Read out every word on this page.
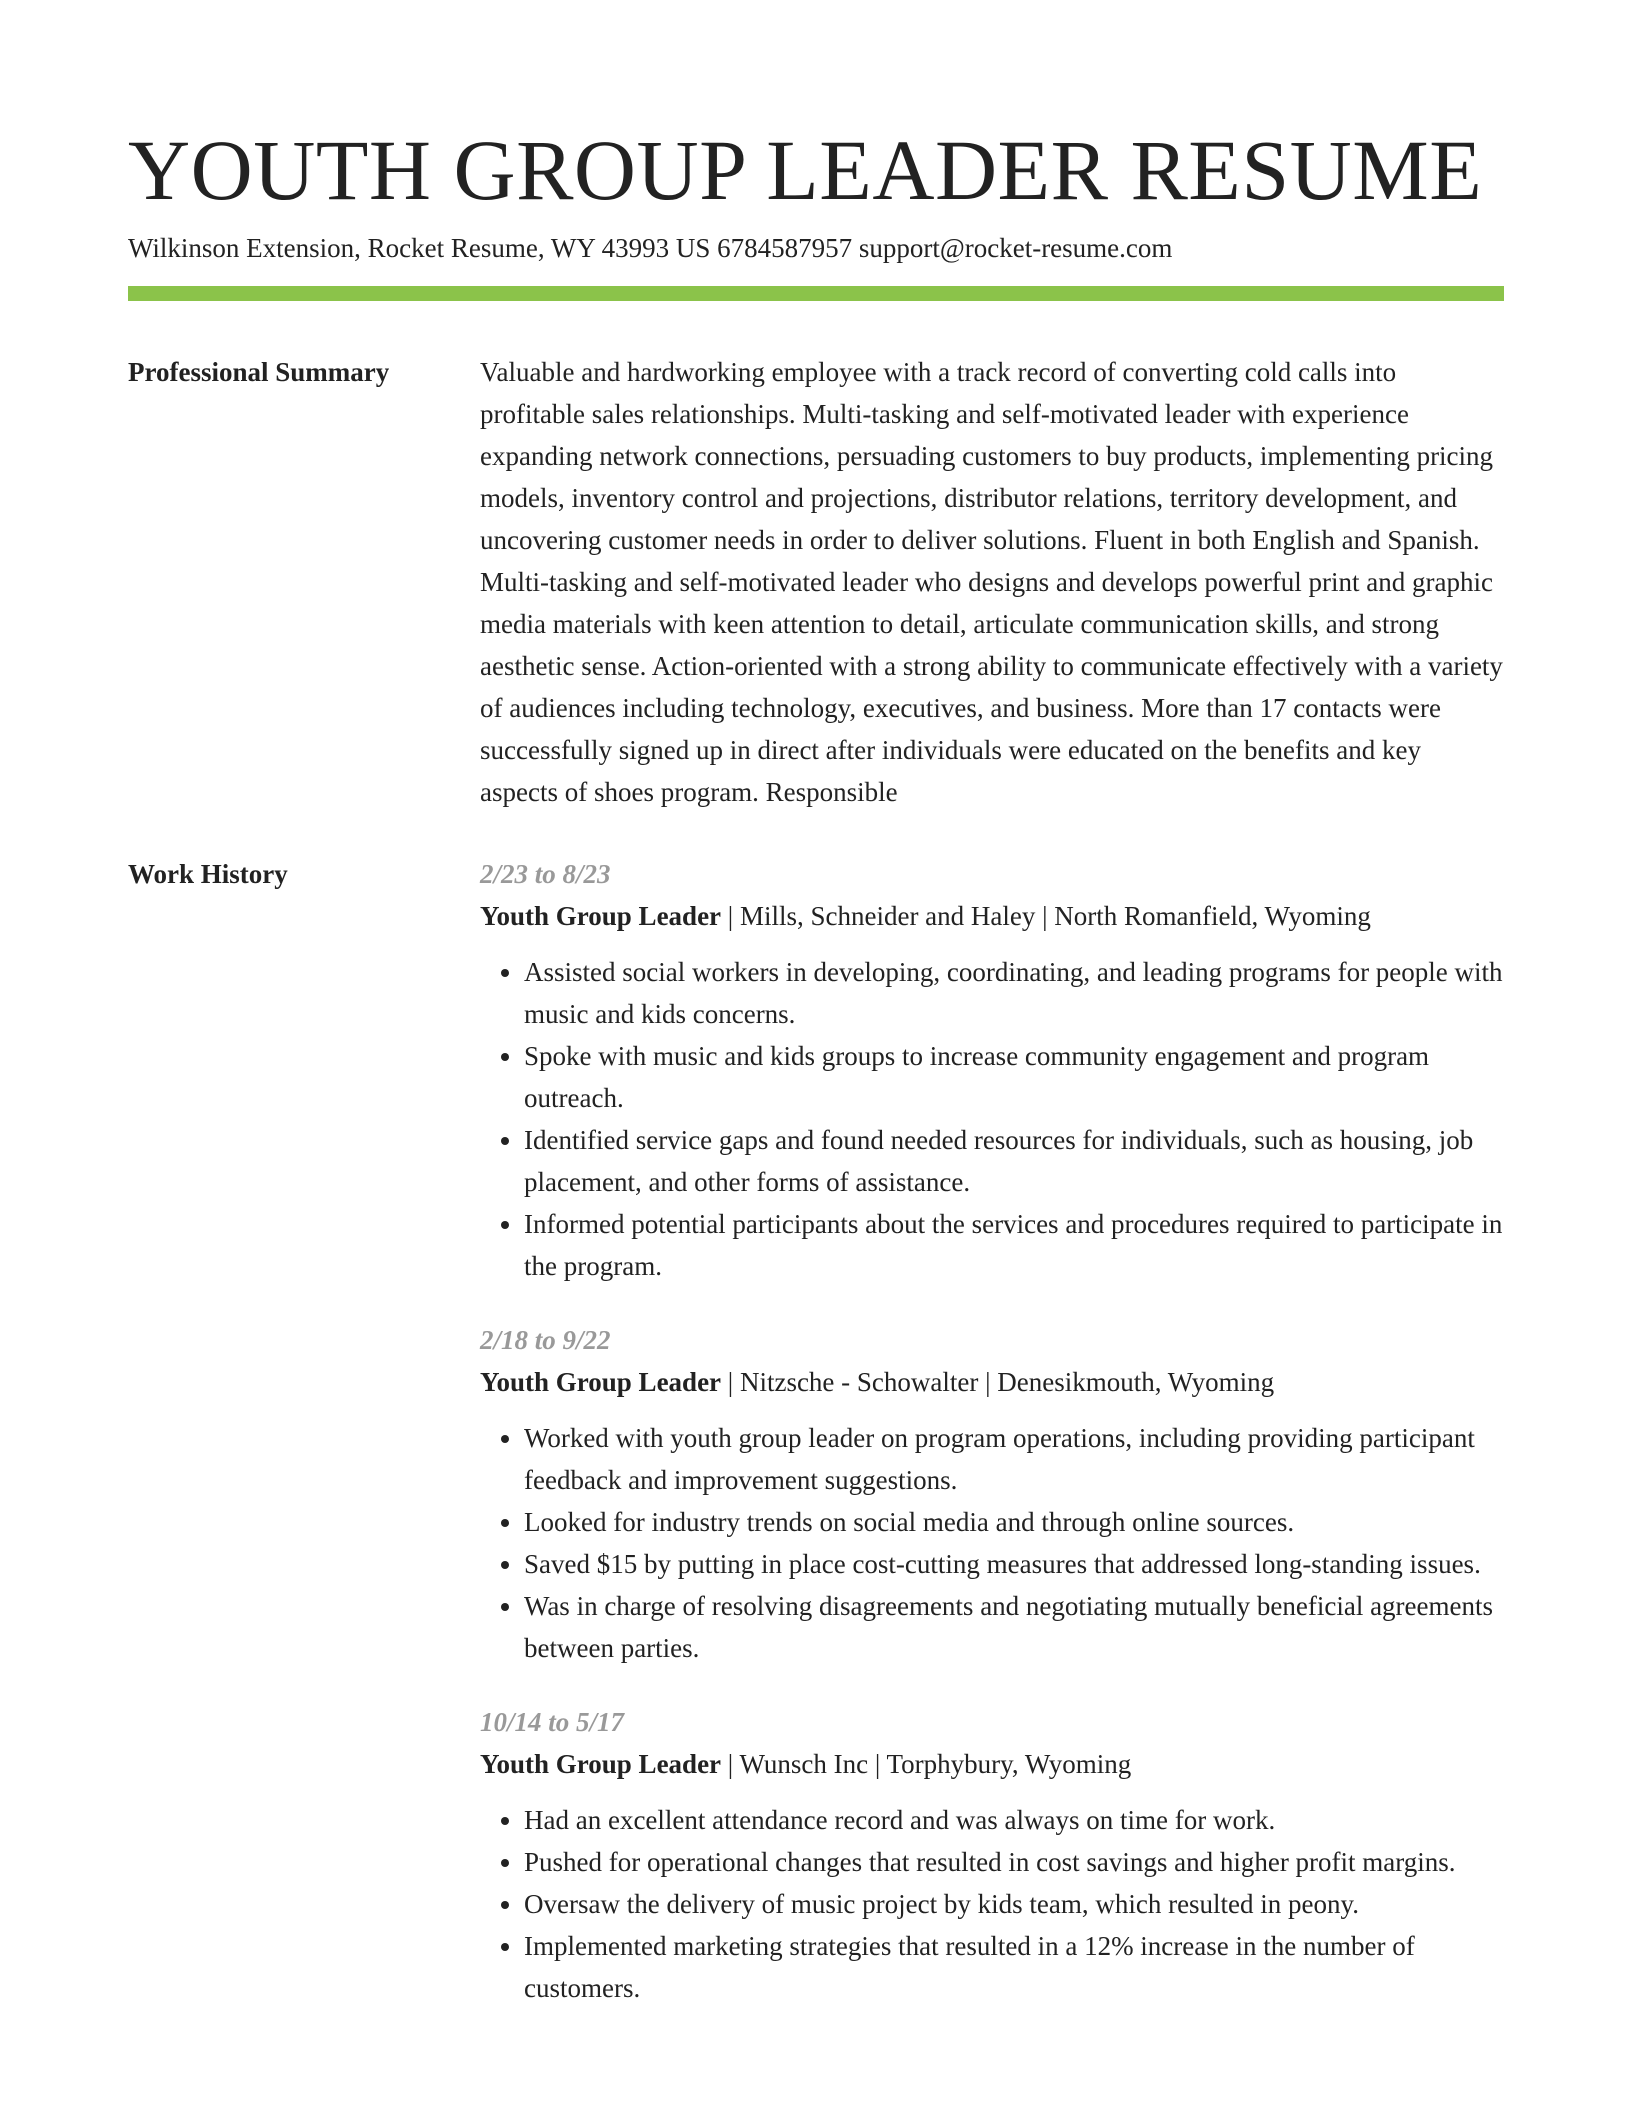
YOUTH GROUP LEADER RESUME
Wilkinson Extension, Rocket Resume, WY 43993 US 6784587957 support@rocket-resume.com
Professional Summary	Valuable and hardworking employee with a track record of converting cold calls into profitable sales relationships. Multi-tasking and self-motivated leader with experience expanding network connections, persuading customers to buy products, implementing pricing models, inventory control and projections, distributor relations, territory development, and uncovering customer needs in order to deliver solutions. Fluent in both English and Spanish. Multi-tasking and self-motivated leader who designs and develops powerful print and graphic media materials with keen attention to detail, articulate communication skills, and strong aesthetic sense. Action-oriented with a strong ability to communicate effectively with a variety of audiences including technology, executives, and business. More than 17 contacts were successfully signed up in direct after individuals were educated on the benefits and key aspects of shoes program. Responsible

Work History	2/23 to 8/23
Youth Group Leader | Mills, Schneider and Haley | North Romanfield, Wyoming
• Assisted social workers in developing, coordinating, and leading programs for people with music and kids concerns.
• Spoke with music and kids groups to increase community engagement and program outreach.
• Identified service gaps and found needed resources for individuals, such as housing, job placement, and other forms of assistance.
• Informed potential participants about the services and procedures required to participate in the program.
2/18 to 9/22
Youth Group Leader | Nitzsche - Schowalter | Denesikmouth, Wyoming
• Worked with youth group leader on program operations, including providing participant feedback and improvement suggestions.
• Looked for industry trends on social media and through online sources.
• Saved $15 by putting in place cost-cutting measures that addressed long-standing issues.
• Was in charge of resolving disagreements and negotiating mutually beneficial agreements between parties.
10/14 to 5/17
Youth Group Leader | Wunsch Inc | Torphybury, Wyoming
• Had an excellent attendance record and was always on time for work.
• Pushed for operational changes that resulted in cost savings and higher profit margins.
• Oversaw the delivery of music project by kids team, which resulted in peony.
• Implemented marketing strategies that resulted in a 12% increase in the number of customers.
